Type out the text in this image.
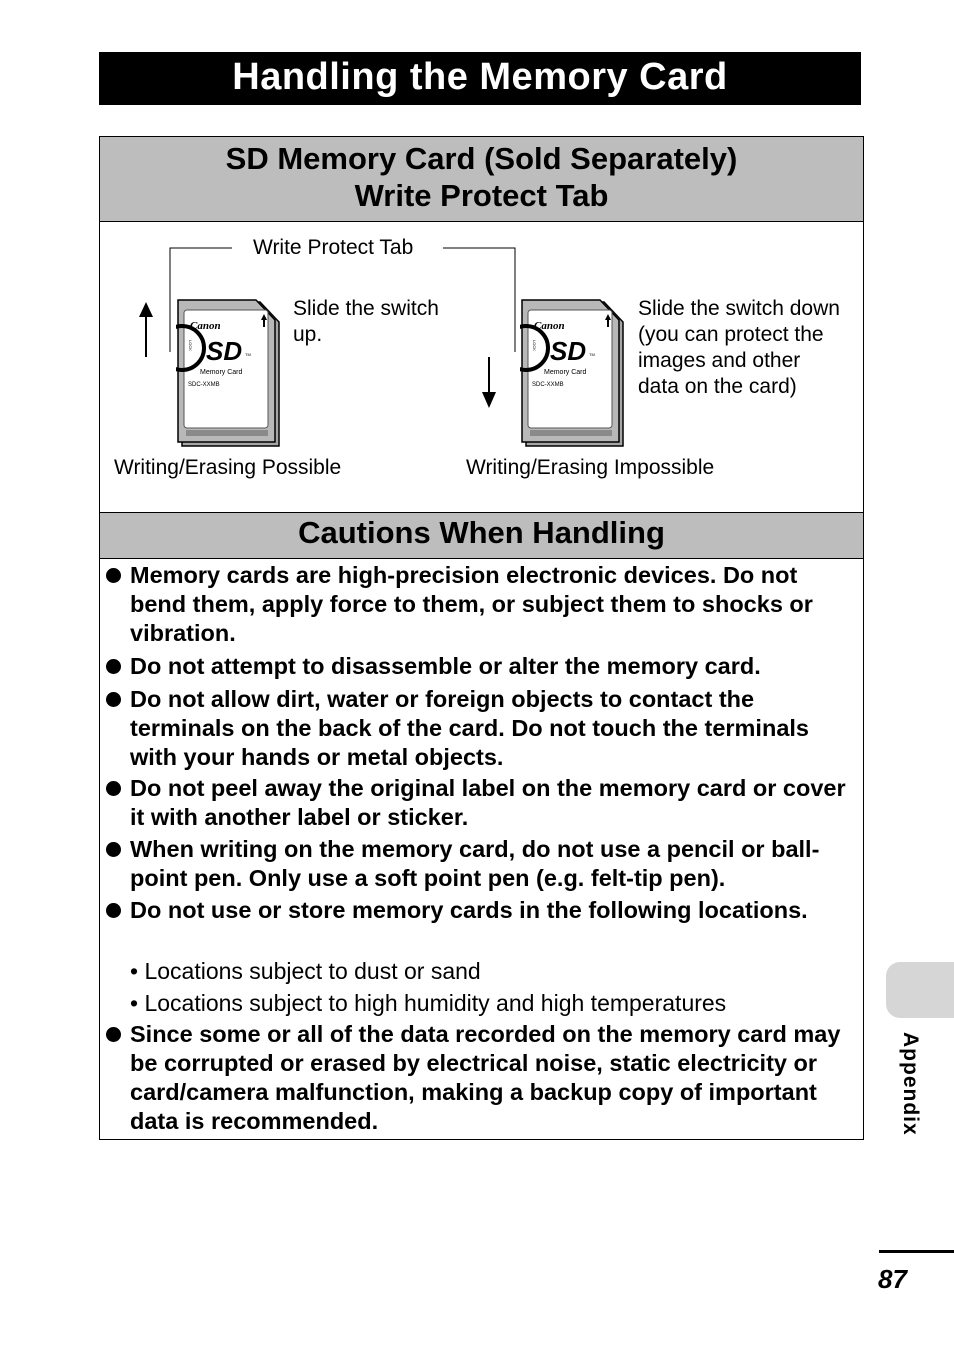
Handling the Memory Card
SD Memory Card (Sold Separately)
Write Protect Tab
Canon
SD TM
Memory Card
SDC-XXMB
LOCK
Canon
SD TM
Memory Card
SDC-XXMB
LOCK
Write Protect Tab
Slide the switch
up.
Slide the switch down
(you can protect the
images and other
data on the card)
Writing/Erasing Possible	Writing/Erasing Impossible
Cautions When Handling
Memory cards are high-precision electronic devices. Do not bend them, apply force to them, or subject them to shocks or vibration.
Do not attempt to disassemble or alter the memory card.
Do not allow dirt, water or foreign objects to contact the terminals on the back of the card. Do not touch the terminals with your hands or metal objects.
Do not peel away the original label on the memory card or cover it with another label or sticker.
When writing on the memory card, do not use a pencil or ball-point pen. Only use a soft point pen (e.g. felt-tip pen).
Do not use or store memory cards in the following locations.
• Locations subject to dust or sand
• Locations subject to high humidity and high temperatures
Since some or all of the data recorded on the memory card may be corrupted or erased by electrical noise, static electricity or card/camera malfunction, making a backup copy of important data is recommended.	Appendix
87
